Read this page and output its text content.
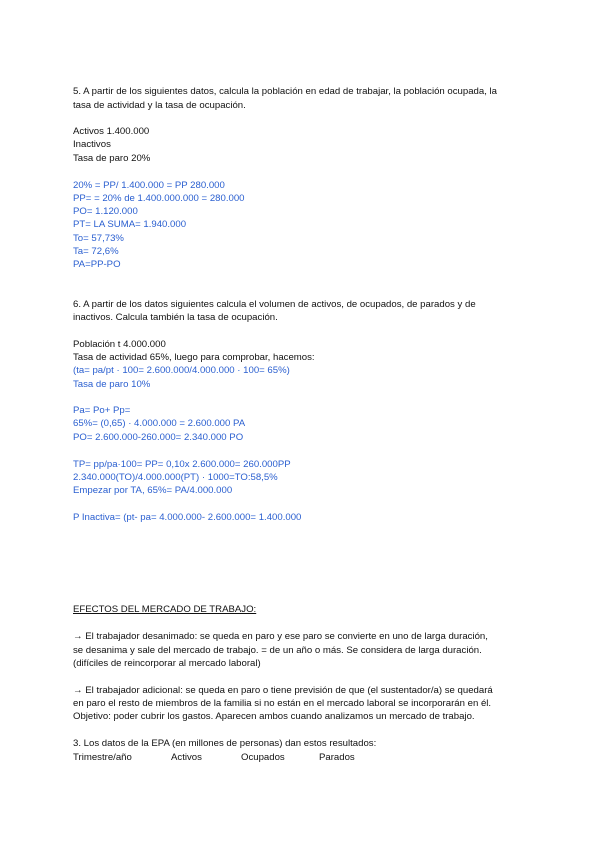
5. A partir de los siguientes datos, calcula la población en edad de trabajar, la población ocupada, la
tasa de actividad y la tasa de ocupación.
Activos 1.400.000
Inactivos
Tasa de paro 20%
20% = PP/ 1.400.000 = PP 280.000
PP= = 20% de 1.400.000.000 = 280.000
PO= 1.120.000
PT= LA SUMA= 1.940.000
To= 57,73%
Ta= 72,6%
PA=PP-PO
6. A partir de los datos siguientes calcula el volumen de activos, de ocupados, de parados y de
inactivos. Calcula también la tasa de ocupación.
Población t 4.000.000
Tasa de actividad 65%, luego para comprobar, hacemos:
(ta= pa/pt · 100= 2.600.000/4.000.000 · 100= 65%)
Tasa de paro 10%
Pa= Po+ Pp=
65%= (0,65) · 4.000.000 = 2.600.000 PA
PO= 2.600.000-260.000= 2.340.000 PO
TP= pp/pa·100= PP= 0,10x 2.600.000= 260.000PP
2.340.000(TO)/4.000.000(PT) · 1000=TO:58,5%
Empezar por TA, 65%= PA/4.000.000
P Inactiva= (pt- pa= 4.000.000- 2.600.000= 1.400.000
EFECTOS DEL MERCADO DE TRABAJO:
→ El trabajador desanimado: se queda en paro y ese paro se convierte en uno de larga duración,
se desanima y sale del mercado de trabajo. = de un año o más. Se considera de larga duración.
(difíciles de reincorporar al mercado laboral)
→ El trabajador adicional: se queda en paro o tiene previsión de que (el sustentador/a) se quedará
en paro el resto de miembros de la familia si no están en el mercado laboral se incorporarán en él.
Objetivo: poder cubrir los gastos. Aparecen ambos cuando analizamos un mercado de trabajo.
3. Los datos de la EPA (en millones de personas) dan estos resultados:
Trimestre/año	Activos	Ocupados	Parados
